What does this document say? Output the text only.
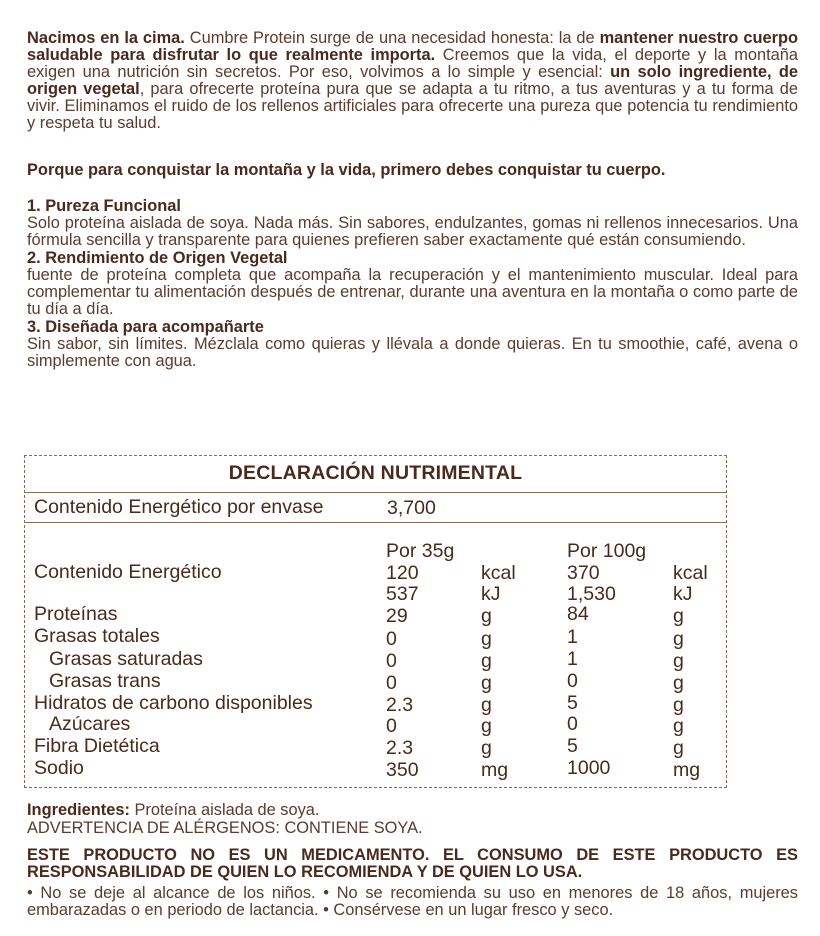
Nacimos en la cima. Cumbre Protein surge de una necesidad honesta: la de mantener nuestro cuerpo saludable para disfrutar lo que realmente importa. Creemos que la vida, el deporte y la montaña exigen una nutrición sin secretos. Por eso, volvimos a lo simple y esencial: un solo ingrediente, de origen vegetal, para ofrecerte proteína pura que se adapta a tu ritmo, a tus aventuras y a tu forma de vivir. Eliminamos el ruido de los rellenos artificiales para ofrecerte una pureza que potencia tu rendimiento y respeta tu salud.

Porque para conquistar la montaña y la vida, primero debes conquistar tu cuerpo.

1. Pureza Funcional

Solo proteína aislada de soya. Nada más. Sin sabores, endulzantes, gomas ni rellenos innecesarios. Una fórmula sencilla y transparente para quienes prefieren saber exactamente qué están consumiendo.

2. Rendimiento de Origen Vegetal

fuente de proteína completa que acompaña la recuperación y el mantenimiento muscular. Ideal para complementar tu alimentación después de entrenar, durante una aventura en la montaña o como parte de tu día a día.

3. Diseñada para acompañarte

Sin sabor, sin límites. Mézclala como quieras y llévala a donde quieras. En tu smoothie, café, avena o simplemente con agua.

DECLARACIÓN NUTRIMENTAL
Contenido Energético por envase	3,700
Por 35g	Por 100g
Contenido Energético	120	kcal	370	kcal
537	kJ	1,530	kJ
Proteínas	29	g	84	g
Grasas totales	0	g	1	g
Grasas saturadas	0	g	1	g
Grasas trans	0	g	0	g
Hidratos de carbono disponibles	2.3	g	5	g
Azúcares	0	g	0	g
Fibra Dietética	2.3	g	5	g
Sodio	350	mg	1000	mg

Ingredientes: Proteína aislada de soya.

ADVERTENCIA DE ALÉRGENOS: CONTIENE SOYA.

ESTE PRODUCTO NO ES UN MEDICAMENTO. EL CONSUMO DE ESTE PRODUCTO ES RESPONSABILIDAD DE QUIEN LO RECOMIENDA Y DE QUIEN LO USA.

• No se deje al alcance de los niños. • No se recomienda su uso en menores de 18 años, mujeres embarazadas o en periodo de lactancia. • Consérvese en un lugar fresco y seco.
